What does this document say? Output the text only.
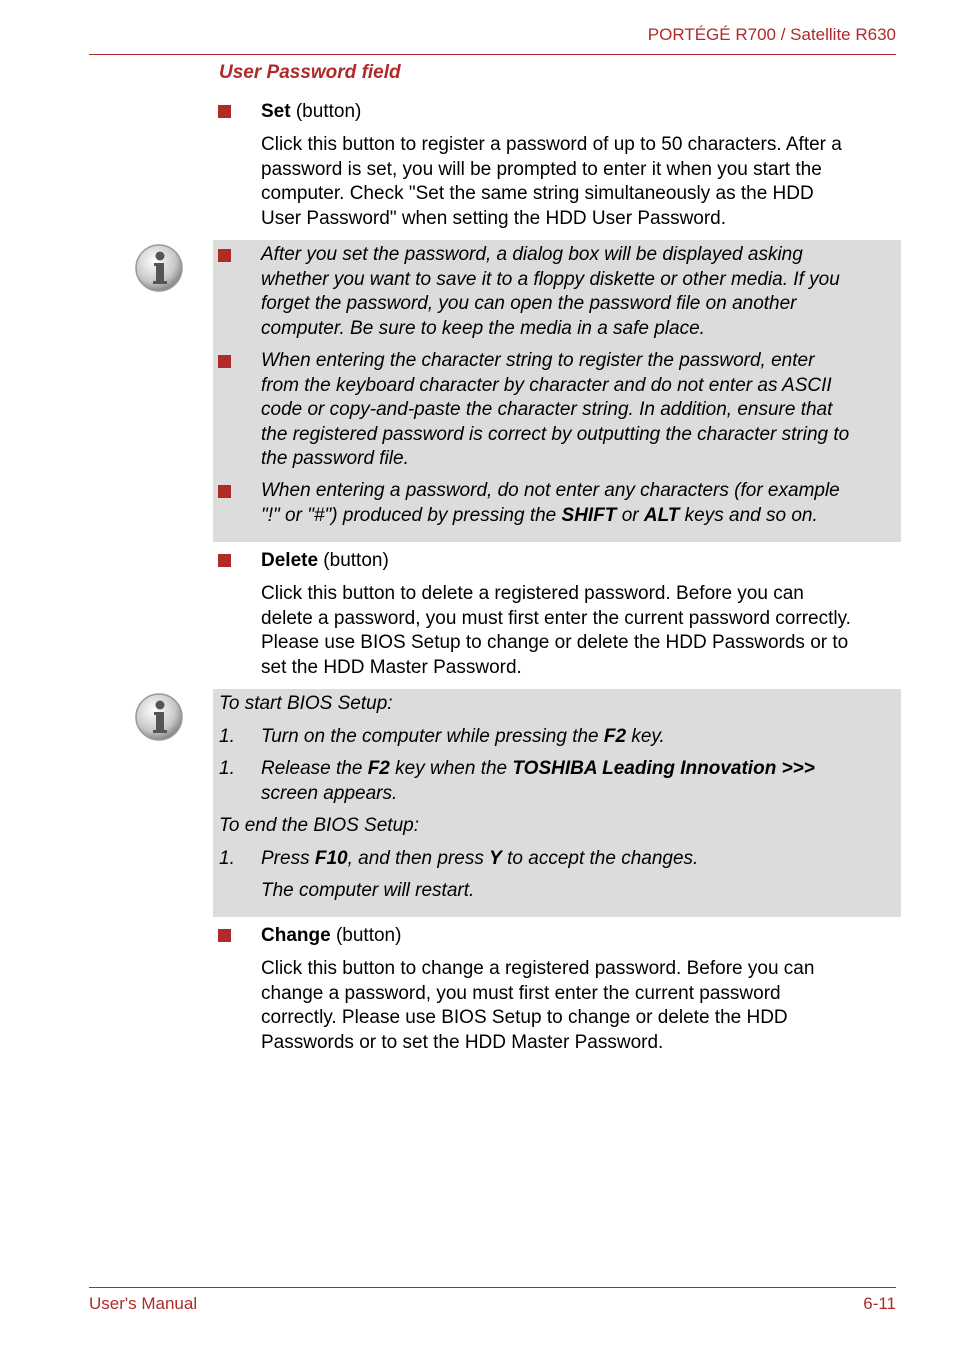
PORTÉGÉ R700 / Satellite R630
User Password field
Set (button)
Click this button to register a password of up to 50 characters. After a
password is set, you will be prompted to enter it when you start the
computer. Check "Set the same string simultaneously as the HDD
User Password" when setting the HDD User Password.
After you set the password, a dialog box will be displayed asking
whether you want to save it to a floppy diskette or other media. If you
forget the password, you can open the password file on another
computer. Be sure to keep the media in a safe place.
When entering the character string to register the password, enter
from the keyboard character by character and do not enter as ASCII
code or copy-and-paste the character string. In addition, ensure that
the registered password is correct by outputting the character string to
the password file.
When entering a password, do not enter any characters (for example
"!" or "#") produced by pressing the SHIFT or ALT keys and so on.
Delete (button)
Click this button to delete a registered password. Before you can
delete a password, you must first enter the current password correctly.
Please use BIOS Setup to change or delete the HDD Passwords or to
set the HDD Master Password.
To start BIOS Setup:
1. Turn on the computer while pressing the F2 key.
1. Release the F2 key when the TOSHIBA Leading Innovation >>>
screen appears.
To end the BIOS Setup:
1. Press F10, and then press Y to accept the changes.
The computer will restart.
Change (button)
Click this button to change a registered password. Before you can
change a password, you must first enter the current password
correctly. Please use BIOS Setup to change or delete the HDD
Passwords or to set the HDD Master Password.
User's Manual	6-11
